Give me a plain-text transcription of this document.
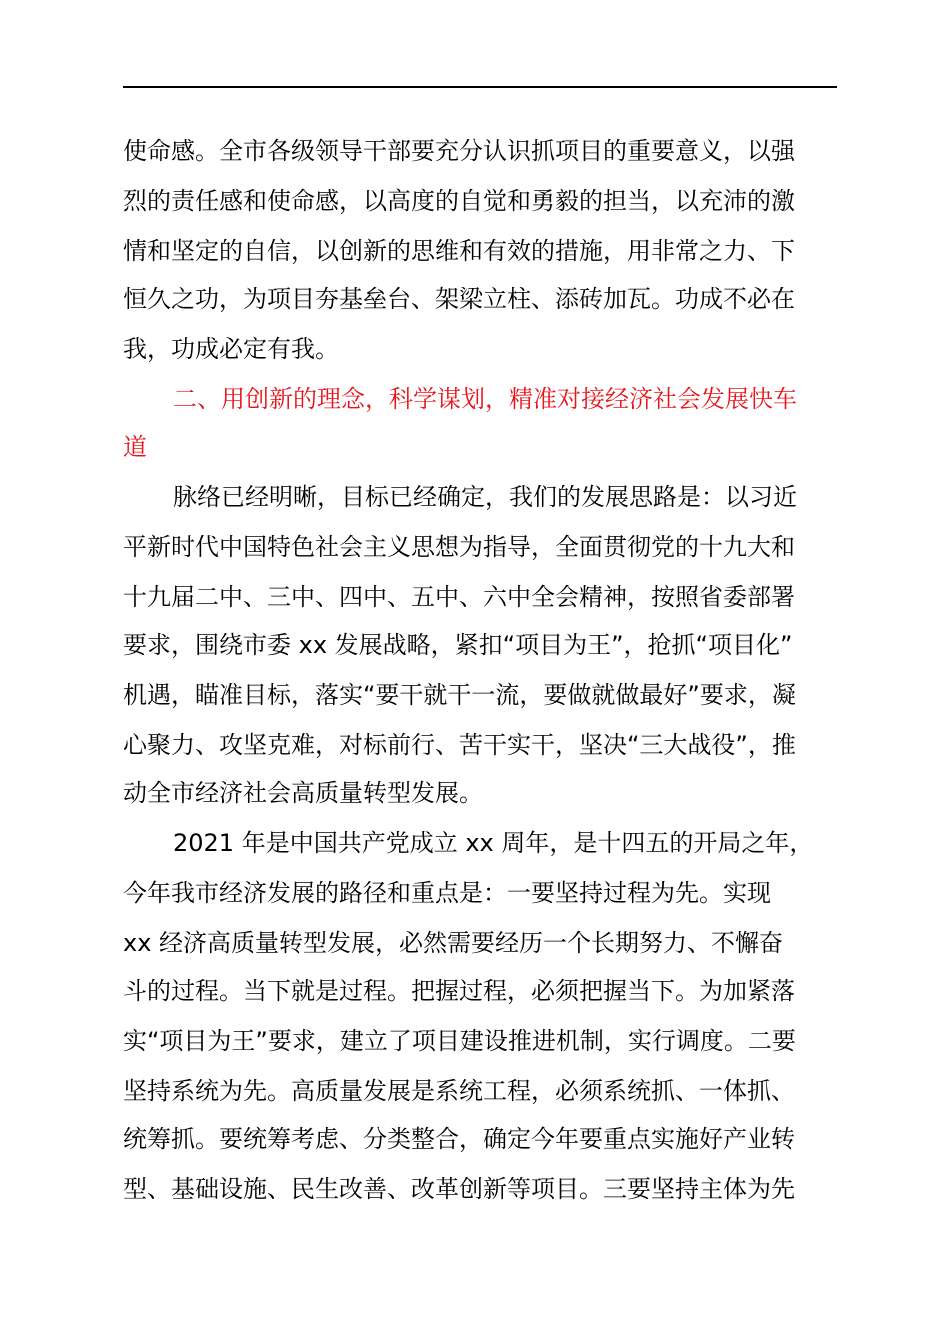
使命感。全市各级领导干部要充分认识抓项目的重要意义，以强
烈的责任感和使命感，以高度的自觉和勇毅的担当，以充沛的激
情和坚定的自信，以创新的思维和有效的措施，用非常之力、下
恒久之功，为项目夯基垒台、架梁立柱、添砖加瓦。功成不必在
我，功成必定有我。
二、用创新的理念，科学谋划，精准对接经济社会发展快车
道
脉络已经明晰，目标已经确定，我们的发展思路是：以习近
平新时代中国特色社会主义思想为指导，全面贯彻党的十九大和
十九届二中、三中、四中、五中、六中全会精神，按照省委部署
要求，围绕市委 xx 发展战略，紧扣“项目为王”，抢抓“项目化”
机遇，瞄准目标，落实“要干就干一流，要做就做最好”要求，凝
心聚力、攻坚克难，对标前行、苦干实干，坚决“三大战役”，推
动全市经济社会高质量转型发展。
2021 年是中国共产党成立 xx 周年，是十四五的开局之年，
今年我市经济发展的路径和重点是：一要坚持过程为先。实现
xx 经济高质量转型发展，必然需要经历一个长期努力、不懈奋
斗的过程。当下就是过程。把握过程，必须把握当下。为加紧落
实“项目为王”要求，建立了项目建设推进机制，实行调度。二要
坚持系统为先。高质量发展是系统工程，必须系统抓、一体抓、
统筹抓。要统筹考虑、分类整合，确定今年要重点实施好产业转
型、基础设施、民生改善、改革创新等项目。三要坚持主体为先
